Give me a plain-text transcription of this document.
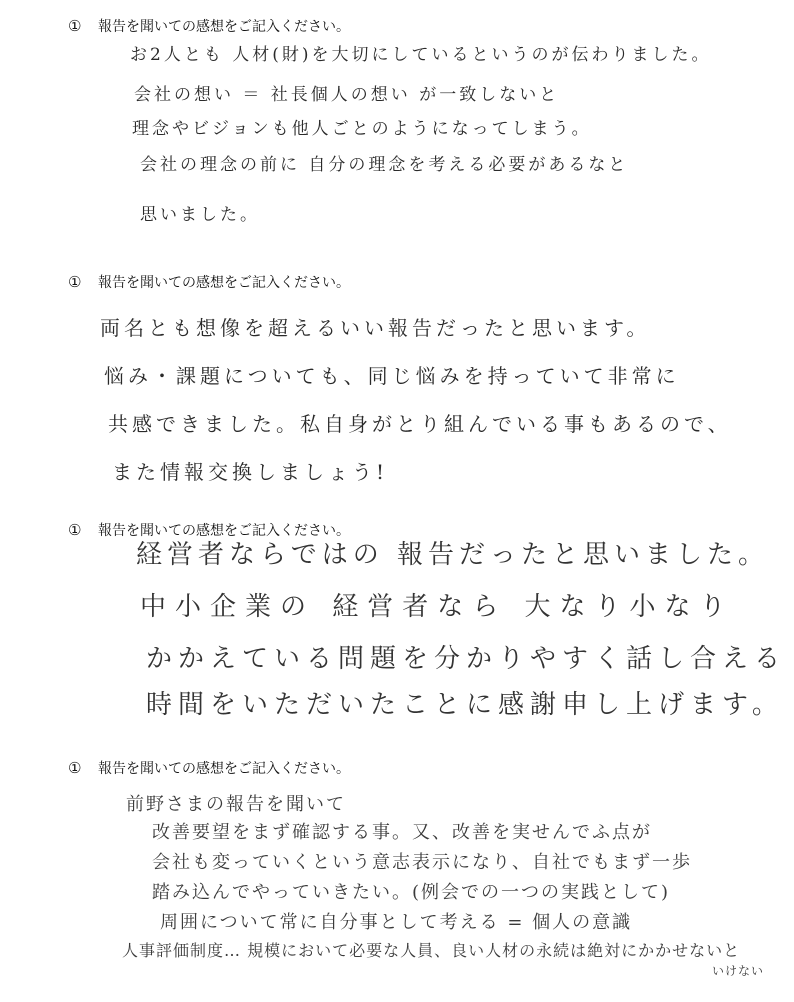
①	報告を聞いての感想をご記入ください。
お2人とも 人材(財)を大切にしているというのが伝わりました。
会社の想い ＝ 社長個人の想い が一致しないと
理念やビジョンも他人ごとのようになってしまう。
会社の理念の前に 自分の理念を考える必要があるなと
思いました。
①	報告を聞いての感想をご記入ください。
両名とも想像を超えるいい報告だったと思います。
悩み・課題についても、同じ悩みを持っていて非常に
共感できました。私自身がとり組んでいる事もあるので、
また情報交換しましょう!
①	報告を聞いての感想をご記入ください。
経営者ならではの 報告だったと思いました。
中小企業の 経営者なら 大なり小なり
かかえている問題を分かりやすく話し合える
時間をいただいたことに感謝申し上げます。
①	報告を聞いての感想をご記入ください。
前野さまの報告を聞いて
改善要望をまず確認する事。又、改善を実せんでふ点が
会社も変っていくという意志表示になり、自社でもまず一歩
踏み込んでやっていきたい。(例会での一つの実践として)
周囲について常に自分事として考える = 個人の意識
人事評価制度… 規模において必要な人員、良い人材の永続は絶対にかかせないと
いけない
